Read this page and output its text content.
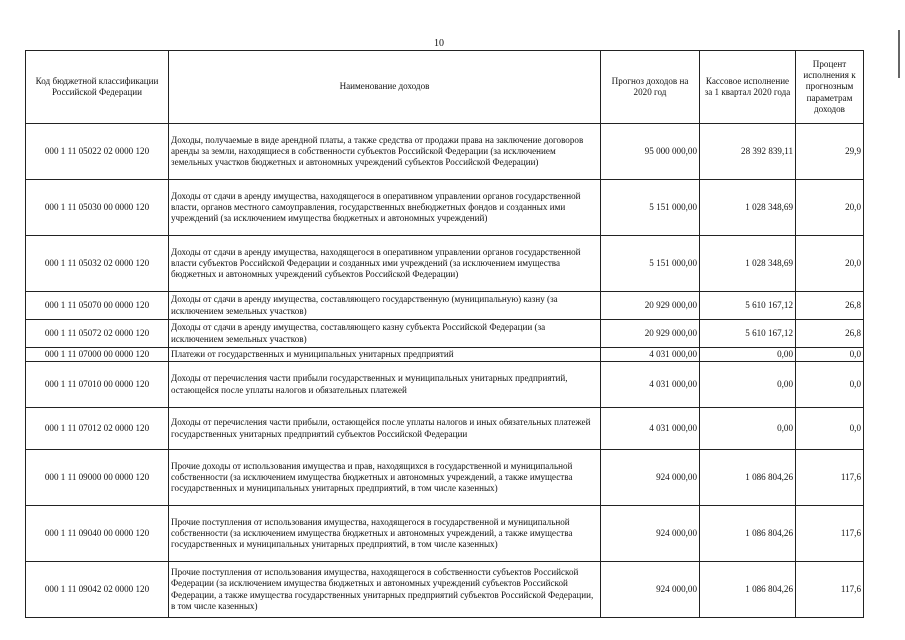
10
Код бюджетной классификации Российской Федерации	Наименование доходов	Прогноз доходов на 2020 год	Кассовое исполнение за 1 квартал 2020 года	Процент исполнения к прогнозным параметрам доходов
000 1 11 05022 02 0000 120	Доходы, получаемые в виде арендной платы, а также средства от продажи права на заключение договоров аренды за земли, находящиеся в собственности субъектов Российской Федерации (за исключением земельных участков бюджетных и автономных учреждений субъектов Российской Федерации)	95 000 000,00	28 392 839,11	29,9
000 1 11 05030 00 0000 120	Доходы от сдачи в аренду имущества, находящегося в оперативном управлении органов государственной власти, органов местного самоуправления, государственных внебюджетных фондов и созданных ими учреждений (за исключением имущества бюджетных и автономных учреждений)	5 151 000,00	1 028 348,69	20,0
000 1 11 05032 02 0000 120	Доходы от сдачи в аренду имущества, находящегося в оперативном управлении органов государственной власти субъектов Российской Федерации и созданных ими учреждений (за исключением имущества бюджетных и автономных учреждений субъектов Российской Федерации)	5 151 000,00	1 028 348,69	20,0
000 1 11 05070 00 0000 120	Доходы от сдачи в аренду имущества, составляющего государственную (муниципальную) казну (за исключением земельных участков)	20 929 000,00	5 610 167,12	26,8
000 1 11 05072 02 0000 120	Доходы от сдачи в аренду имущества, составляющего казну субъекта Российской Федерации (за исключением земельных участков)	20 929 000,00	5 610 167,12	26,8
000 1 11 07000 00 0000 120	Платежи от государственных и муниципальных унитарных предприятий	4 031 000,00	0,00	0,0
000 1 11 07010 00 0000 120	Доходы от перечисления части прибыли государственных и муниципальных унитарных предприятий, остающейся после уплаты налогов и обязательных платежей	4 031 000,00	0,00	0,0
000 1 11 07012 02 0000 120	Доходы от перечисления части прибыли, остающейся после уплаты налогов и иных обязательных платежей государственных унитарных предприятий субъектов Российской Федерации	4 031 000,00	0,00	0,0
000 1 11 09000 00 0000 120	Прочие доходы от использования имущества и прав, находящихся в государственной и муниципальной собственности (за исключением имущества бюджетных и автономных учреждений, а также имущества государственных и муниципальных унитарных предприятий, в том числе казенных)	924 000,00	1 086 804,26	117,6
000 1 11 09040 00 0000 120	Прочие поступления от использования имущества, находящегося в государственной и муниципальной собственности (за исключением имущества бюджетных и автономных учреждений, а также имущества государственных и муниципальных унитарных предприятий, в том числе казенных)	924 000,00	1 086 804,26	117,6
000 1 11 09042 02 0000 120	Прочие поступления от использования имущества, находящегося в собственности субъектов Российской Федерации (за исключением имущества бюджетных и автономных учреждений субъектов Российской Федерации, а также имущества государственных унитарных предприятий субъектов Российской Федерации, в том числе казенных)	924 000,00	1 086 804,26	117,6
